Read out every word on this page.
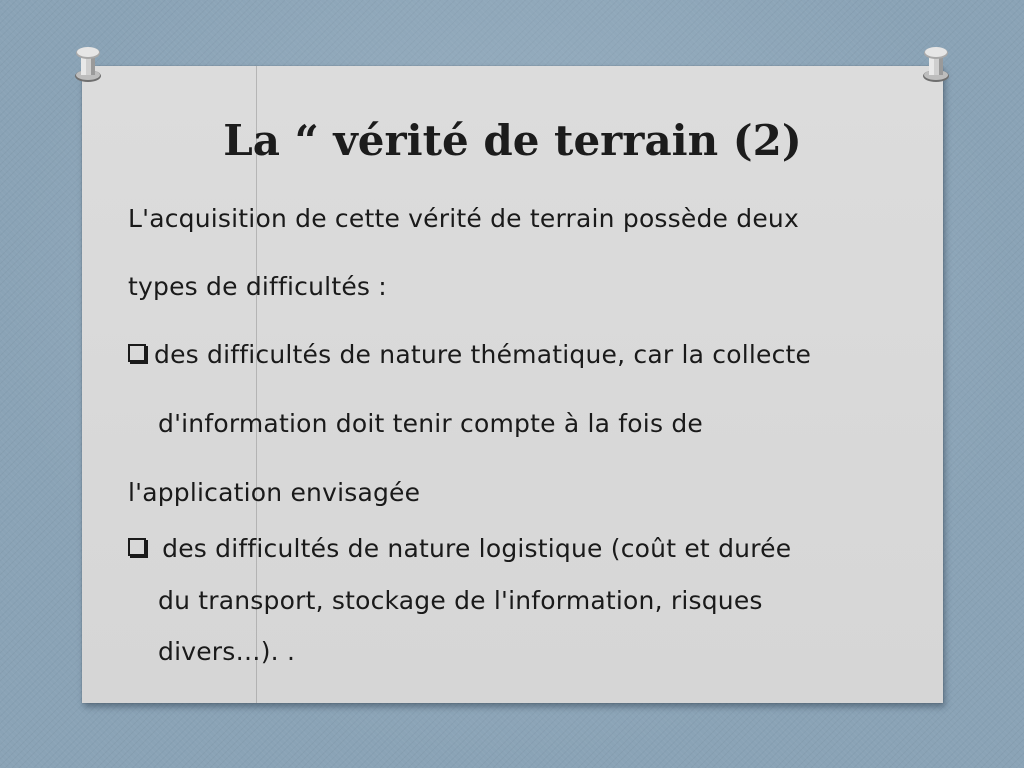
La “ vérité de terrain (2)
L'acquisition de cette vérité de terrain possède deux
types de difficultés :
des difficultés de nature thématique, car la collecte
d'information doit tenir compte à la fois de
l'application envisagée
des difficultés de nature logistique (coût et durée
du transport, stockage de l'information, risques
divers…). .
